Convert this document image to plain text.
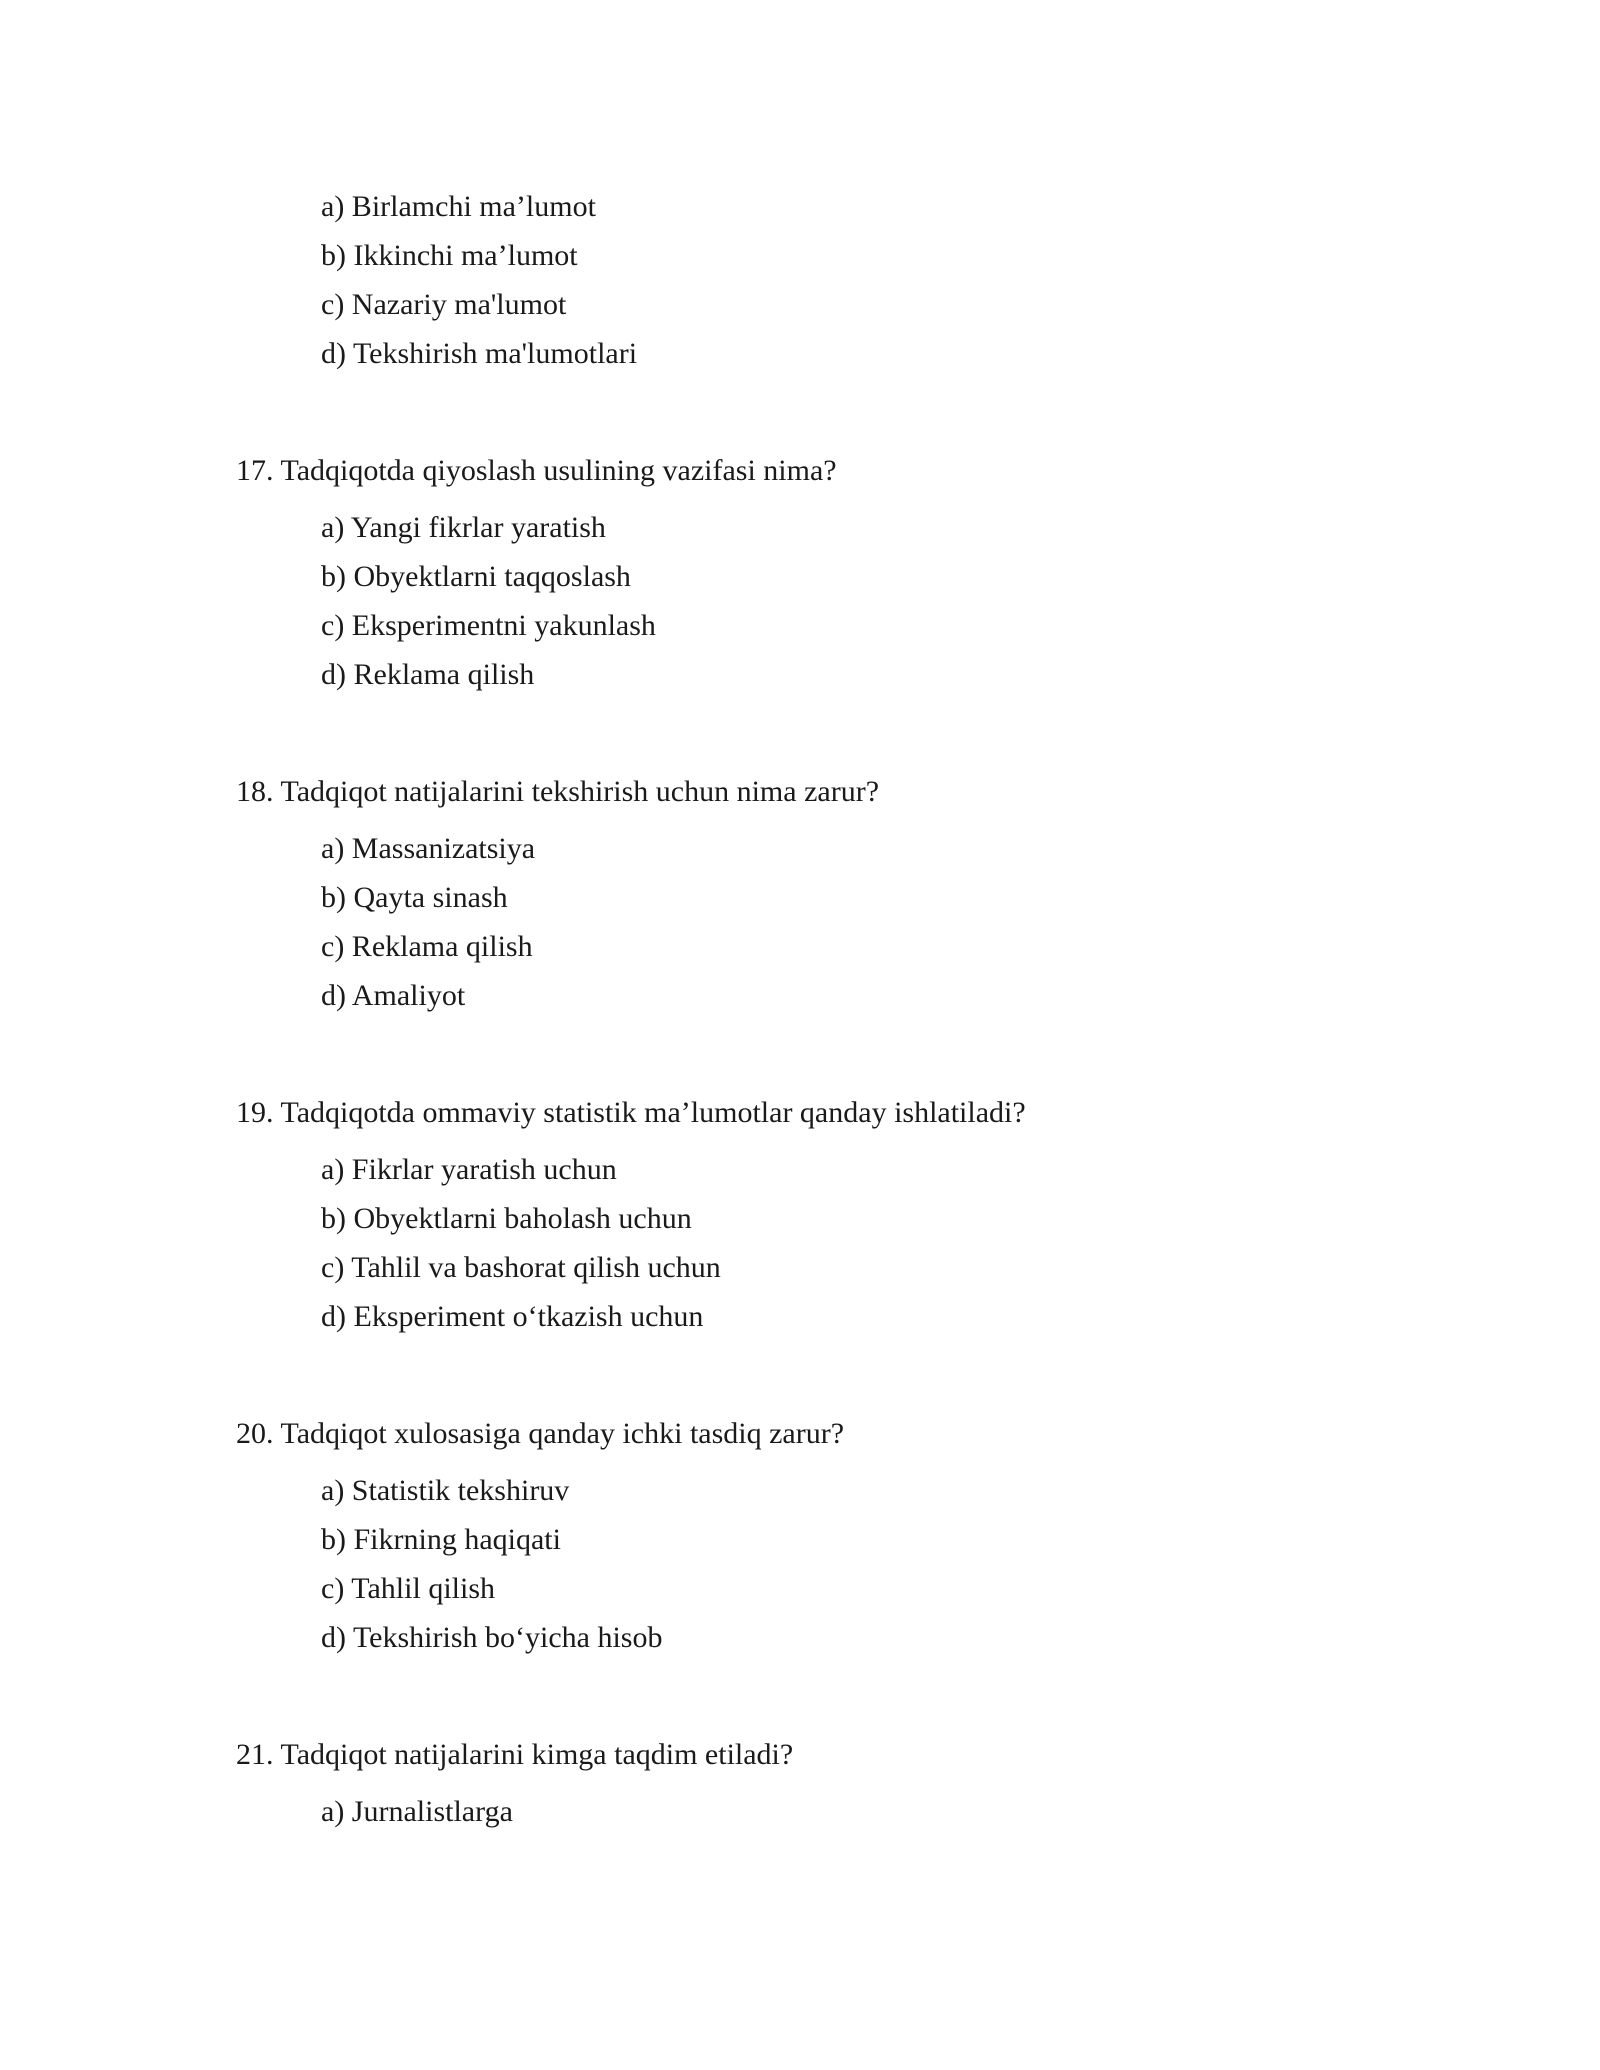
a) Birlamchi ma’lumot
b) Ikkinchi ma’lumot
c) Nazariy ma'lumot
d) Tekshirish ma'lumotlari
17. Tadqiqotda qiyoslash usulining vazifasi nima?
a) Yangi fikrlar yaratish
b) Obyektlarni taqqoslash
c) Eksperimentni yakunlash
d) Reklama qilish
18. Tadqiqot natijalarini tekshirish uchun nima zarur?
a) Massanizatsiya
b) Qayta sinash
c) Reklama qilish
d) Amaliyot
19. Tadqiqotda ommaviy statistik ma’lumotlar qanday ishlatiladi?
a) Fikrlar yaratish uchun
b) Obyektlarni baholash uchun
c) Tahlil va bashorat qilish uchun
d) Eksperiment o‘tkazish uchun
20. Tadqiqot xulosasiga qanday ichki tasdiq zarur?
a) Statistik tekshiruv
b) Fikrning haqiqati
c) Tahlil qilish
d) Tekshirish bo‘yicha hisob
21. Tadqiqot natijalarini kimga taqdim etiladi?
a) Jurnalistlarga
